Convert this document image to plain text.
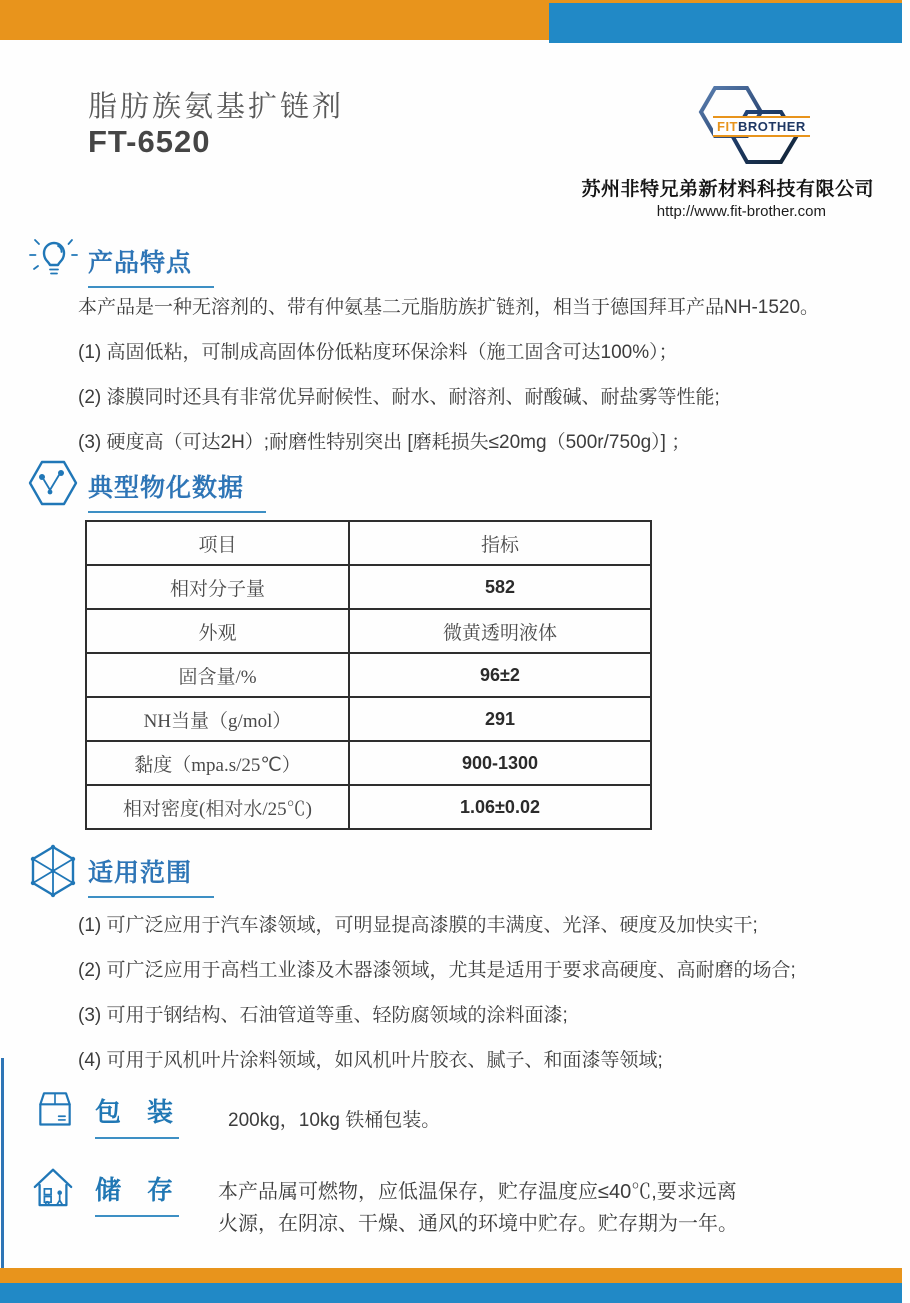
脂肪族氨基扩链剂
FT-6520	FITBROTHER
苏州非特兄弟新材料科技有限公司
http://www.fit-brother.com
产品特点

本产品是一种无溶剂的、带有仲氨基二元脂肪族扩链剂，相当于德国拜耳产品NH-1520。

(1) 高固低粘，可制成高固体份低粘度环保涂料（施工固含可达100%）；

(2) 漆膜同时还具有非常优异耐候性、耐水、耐溶剂、耐酸碱、耐盐雾等性能;

(3) 硬度高（可达2H）;耐磨性特别突出 [磨耗损失≤20mg（500r/750g）] ；

典型物化数据
项目	指标
相对分子量	582
外观	微黄透明液体
固含量/%	96±2
NH当量（g/mol）	291
黏度（mpa.s/25℃）	900-1300
相对密度(相对水/25℃)	1.06±0.02
适用范围

(1) 可广泛应用于汽车漆领域，可明显提高漆膜的丰满度、光泽、硬度及加快实干;

(2) 可广泛应用于高档工业漆及木器漆领域，尤其是适用于要求高硬度、高耐磨的场合;

(3) 可用于钢结构、石油管道等重、轻防腐领域的涂料面漆;

(4) 可用于风机叶片涂料领域，如风机叶片胶衣、腻子、和面漆等领域;

包　装	200kg，10kg 铁桶包装。
储　存	本产品属可燃物，应低温保存，贮存温度应≤40℃,要求远离

火源，在阴凉、干燥、通风的环境中贮存。贮存期为一年。
